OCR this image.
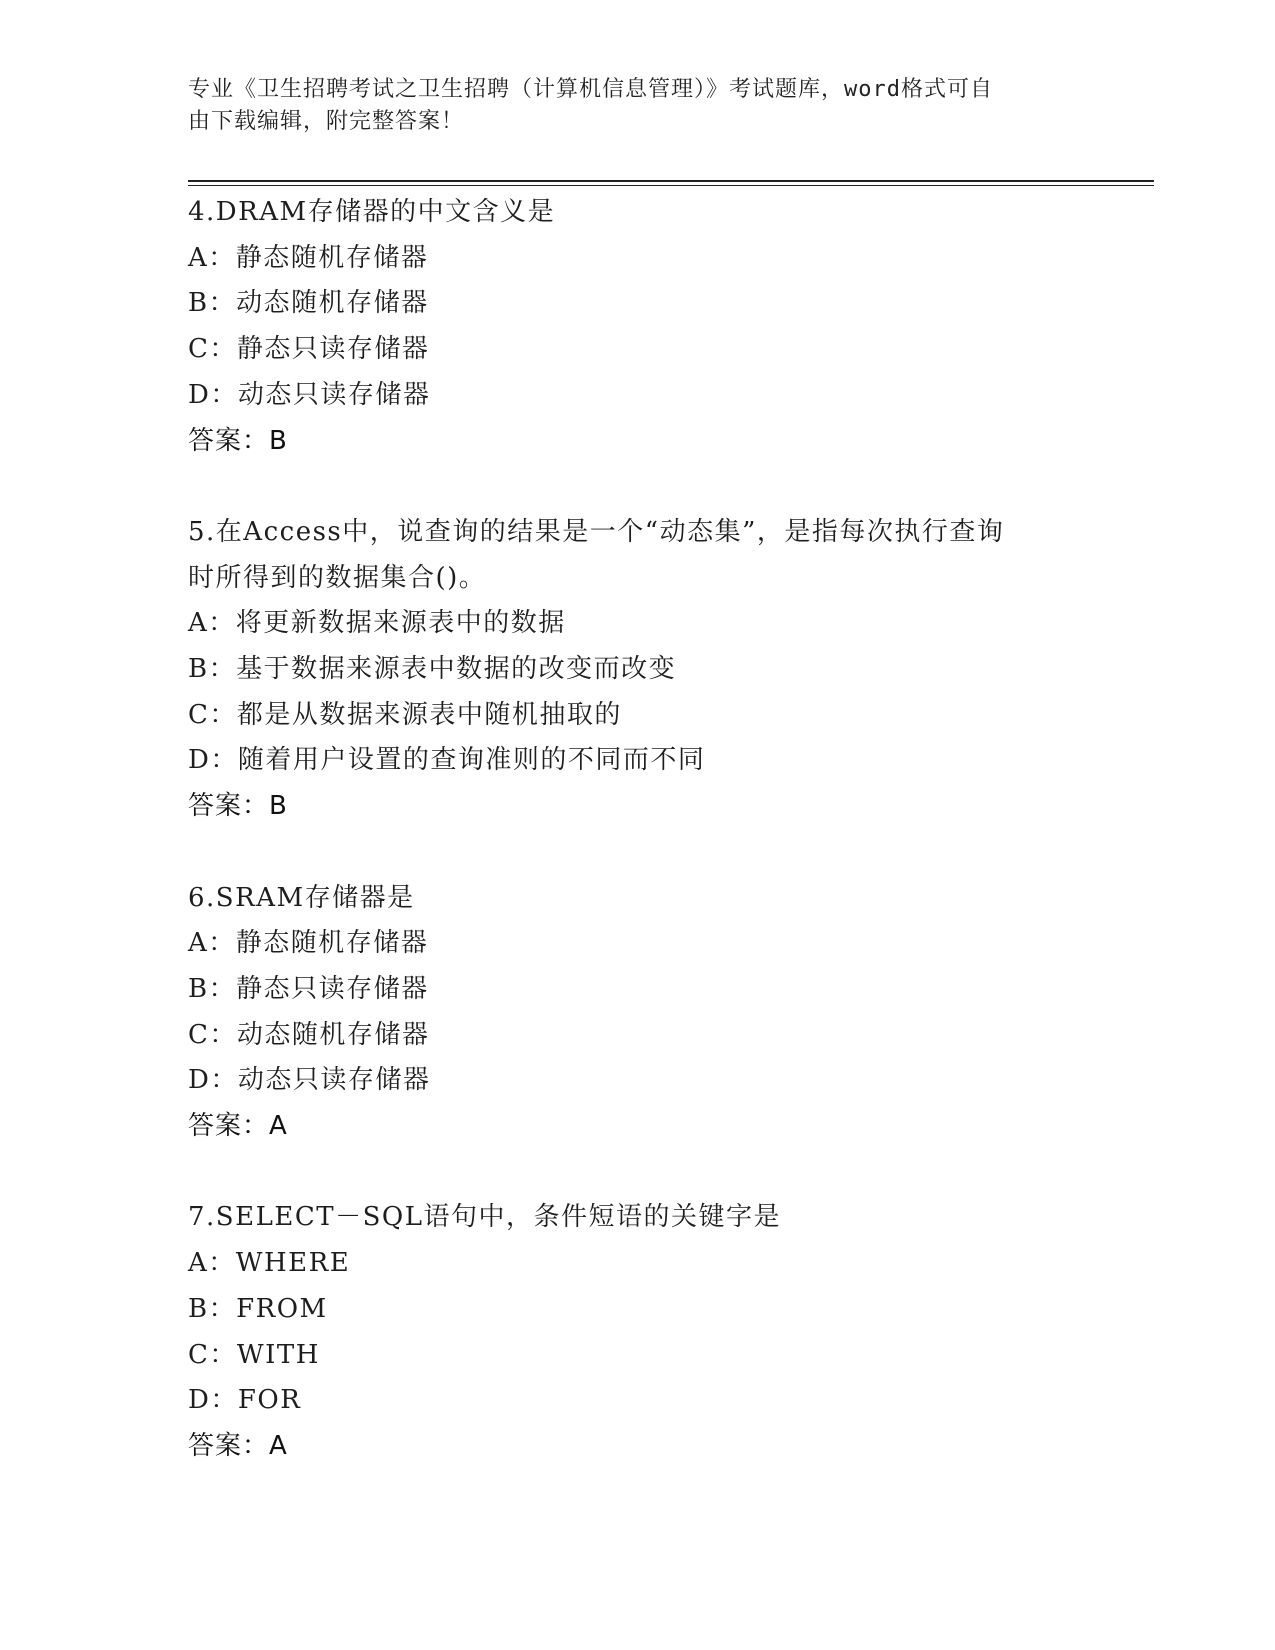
专业《卫生招聘考试之卫生招聘（计算机信息管理）》考试题库，word格式可自
由下载编辑，附完整答案！
4.DRAM存储器的中文含义是
A：静态随机存储器
B：动态随机存储器
C：静态只读存储器
D：动态只读存储器
答案：B
5.在Access中，说查询的结果是一个“动态集”，是指每次执行查询
时所得到的数据集合()。
A：将更新数据来源表中的数据
B：基于数据来源表中数据的改变而改变
C：都是从数据来源表中随机抽取的
D：随着用户设置的查询准则的不同而不同
答案：B
6.SRAM存储器是
A：静态随机存储器
B：静态只读存储器
C：动态随机存储器
D：动态只读存储器
答案：A
7.SELECT－SQL语句中，条件短语的关键字是
A：WHERE
B：FROM
C：WITH
D：FOR
答案：A
